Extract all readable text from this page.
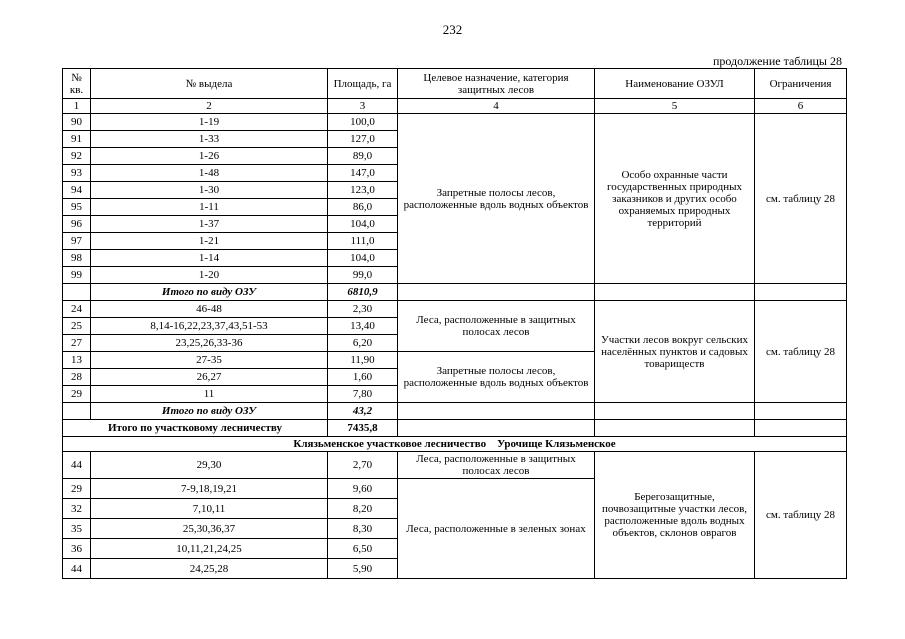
232
продолжение таблицы 28
№ кв.	№ выдела	Площадь, га	Целевое назначение, категория защитных лесов	Наименование ОЗУЛ	Ограничения
1	2	3	4	5	6
90	1-19	100,0	Запретные полосы лесов, расположенные вдоль водных объектов	Особо охранные части государственных природных заказников и других особо охраняемых природных территорий	см. таблицу 28
91	1-33	127,0			
92	1-26	89,0			
93	1-48	147,0			
94	1-30	123,0			
95	1-11	86,0			
96	1-37	104,0			
97	1-21	111,0			
98	1-14	104,0			
99	1-20	99,0			
	Итого по виду ОЗУ	6810,9			
24	46-48	2,30	Леса, расположенные в защитных полосах лесов	Участки лесов вокруг сельских населённых пунктов и садовых товариществ	см. таблицу 28
25	8,14-16,22,23,37,43,51-53	13,40			
27	23,25,26,33-36	6,20			
13	27-35	11,90	Запретные полосы лесов, расположенные вдоль водных объектов		
28	26,27	1,60			
29	11	7,80			
	Итого по виду ОЗУ	43,2			
Итого по участковому лесничеству		7435,8			
Клязьменское участковое лесничество    Урочище Клязьменское					
44	29,30	2,70	Леса, расположенные в защитных полосах лесов	Берегозащитные, почвозащитные участки лесов, расположенные вдоль водных объектов, склонов оврагов	см. таблицу 28
29	7-9,18,19,21	9,60	Леса, расположенные в зеленых зонах		
32	7,10,11	8,20			
35	25,30,36,37	8,30			
36	10,11,21,24,25	6,50			
44	24,25,28	5,90			
